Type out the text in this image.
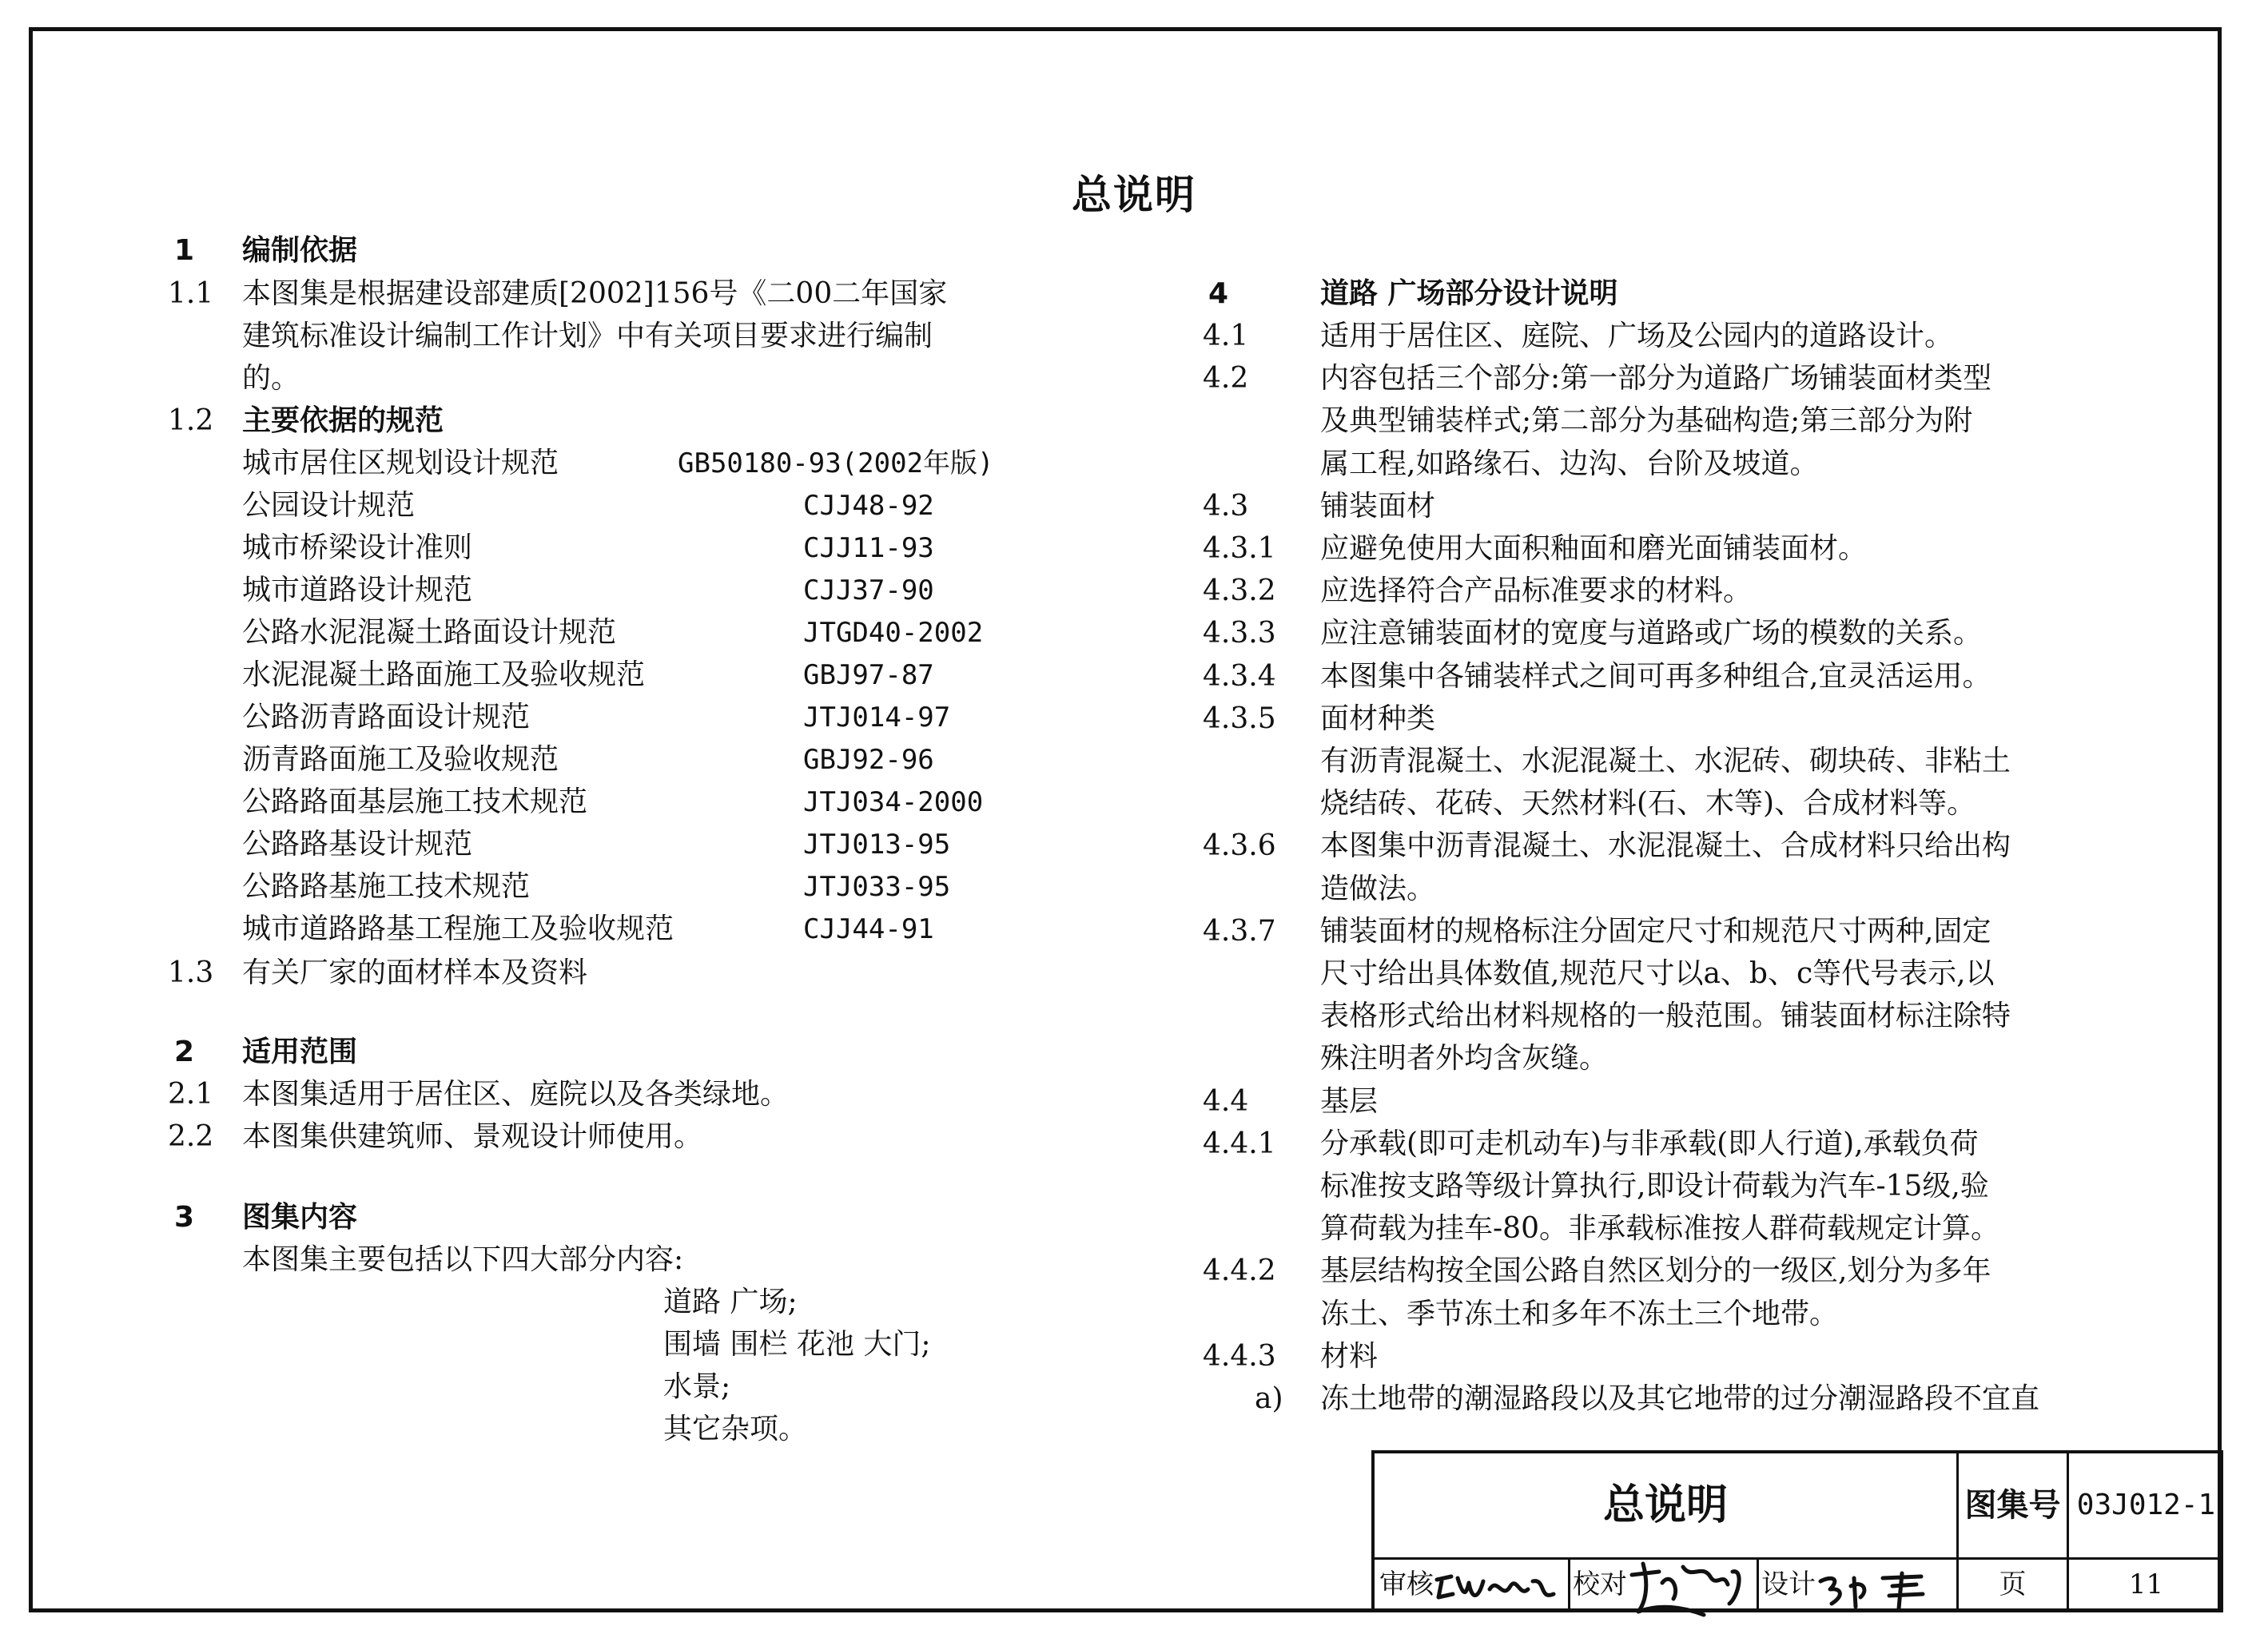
总说明
1 编制依据
1.1 本图集是根据建设部建质[2002]156号《二00二年国家
建筑标准设计编制工作计划》中有关项目要求进行编制
的。
1.2 主要依据的规范
城市居住区规划设计规范	GB50180-93(2002年版)
公园设计规范	CJJ48-92
城市桥梁设计准则	CJJ11-93
城市道路设计规范	CJJ37-90
公路水泥混凝土路面设计规范	JTGD40-2002
水泥混凝土路面施工及验收规范	GBJ97-87
公路沥青路面设计规范	JTJ014-97
沥青路面施工及验收规范	GBJ92-96
公路路面基层施工技术规范	JTJ034-2000
公路路基设计规范	JTJ013-95
公路路基施工技术规范	JTJ033-95
城市道路路基工程施工及验收规范	CJJ44-91
1.3 有关厂家的面材样本及资料
2 适用范围
2.1 本图集适用于居住区、庭院以及各类绿地。
2.2 本图集供建筑师、景观设计师使用。
3 图集内容
本图集主要包括以下四大部分内容:
道路 广场;
围墙 围栏 花池 大门;
水景;
其它杂项。
4	道路 广场部分设计说明
4.1 适用于居住区、庭院、广场及公园内的道路设计。
4.2 内容包括三个部分:第一部分为道路广场铺装面材类型
及典型铺装样式;第二部分为基础构造;第三部分为附
属工程,如路缘石、边沟、台阶及坡道。
4.3 铺装面材
4.3.1 应避免使用大面积釉面和磨光面铺装面材。
4.3.2 应选择符合产品标准要求的材料。
4.3.3 应注意铺装面材的宽度与道路或广场的模数的关系。
4.3.4 本图集中各铺装样式之间可再多种组合,宜灵活运用。
4.3.5 面材种类
有沥青混凝土、水泥混凝土、水泥砖、砌块砖、非粘土
烧结砖、花砖、天然材料(石、木等)、合成材料等。
4.3.6 本图集中沥青混凝土、水泥混凝土、合成材料只给出构
造做法。
4.3.7 铺装面材的规格标注分固定尺寸和规范尺寸两种,固定
尺寸给出具体数值,规范尺寸以a、b、c等代号表示,以
表格形式给出材料规格的一般范围。铺装面材标注除特
殊注明者外均含灰缝。
4.4 基层
4.4.1 分承载(即可走机动车)与非承载(即人行道),承载负荷
标准按支路等级计算执行,即设计荷载为汽车-15级,验
算荷载为挂车-80。非承载标准按人群荷载规定计算。
4.4.2 基层结构按全国公路自然区划分的一级区,划分为多年
冻土、季节冻土和多年不冻土三个地带。
4.4.3 材料
a) 冻土地带的潮湿路段以及其它地带的过分潮湿路段不宜直
总说明	图集号 03J012-1
审核	校对	设计	页	11
